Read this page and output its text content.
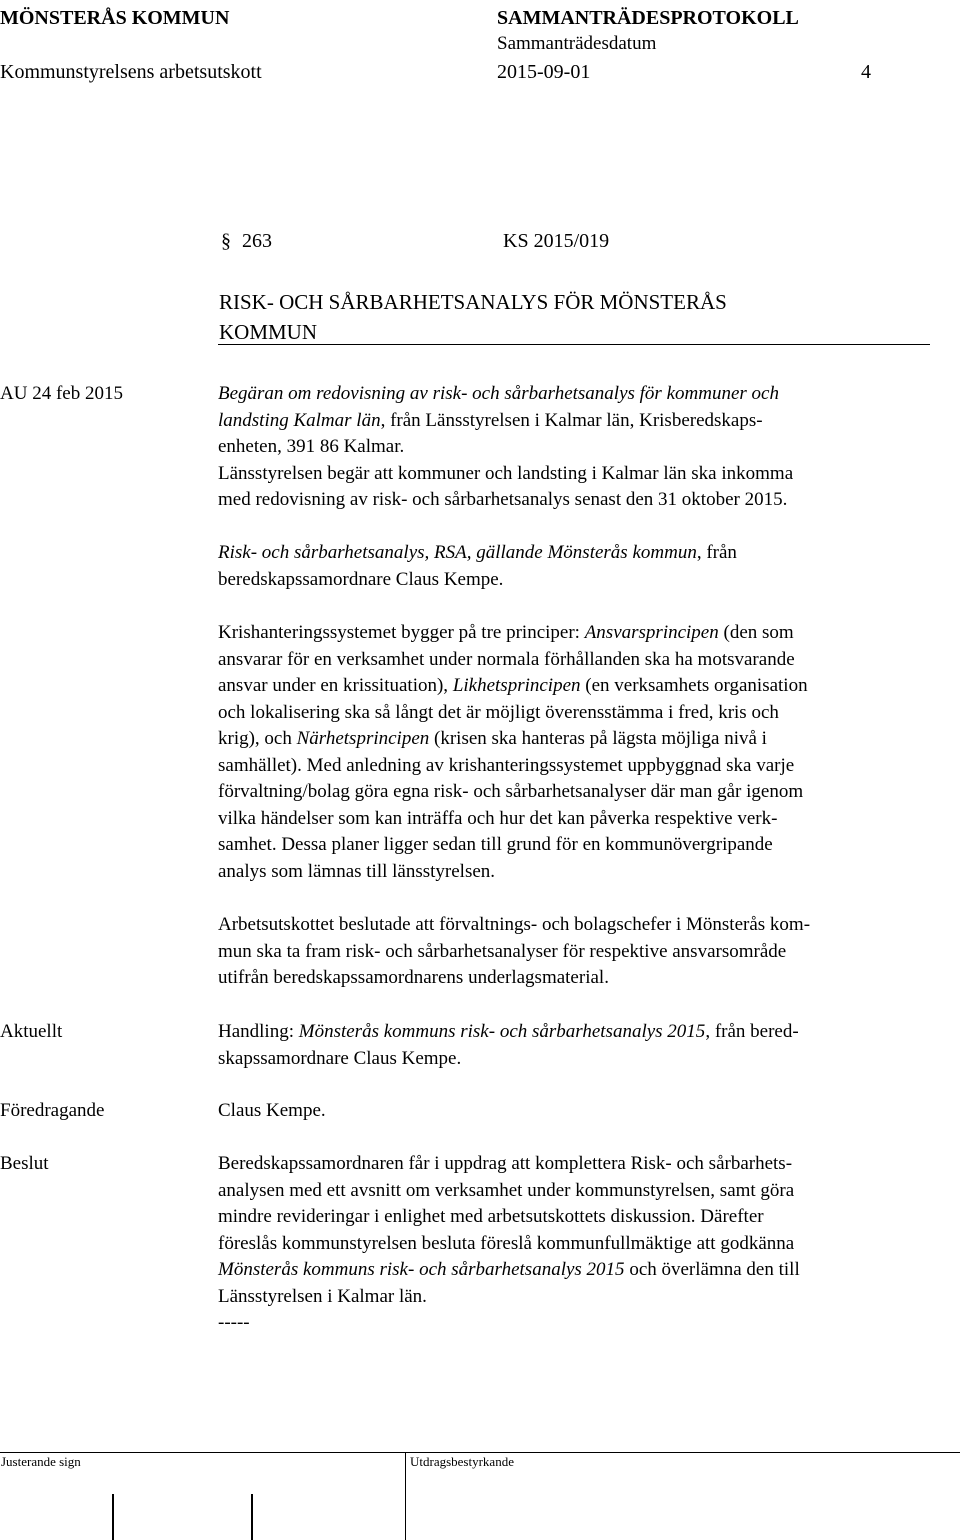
MÖNSTERÅS KOMMUN	SAMMANTRÄDESPROTOKOLL
Sammanträdesdatum
Kommunstyrelsens arbetsutskott	2015-09-01	4
§ 263	KS 2015/019
RISK- OCH SÅRBARHETSANALYS FÖR MÖNSTERÅS
KOMMUN
AU 24 feb 2015	Begäran om redovisning av risk- och sårbarhetsanalys för kommuner och
landsting Kalmar län, från Länsstyrelsen i Kalmar län, Krisberedskaps-
enheten, 391 86 Kalmar.
Länsstyrelsen begär att kommuner och landsting i Kalmar län ska inkomma
med redovisning av risk- och sårbarhetsanalys senast den 31 oktober 2015.
Risk- och sårbarhetsanalys, RSA, gällande Mönsterås kommun, från
beredskapssamordnare Claus Kempe.
Krishanteringssystemet bygger på tre principer: Ansvarsprincipen (den som
ansvarar för en verksamhet under normala förhållanden ska ha motsvarande
ansvar under en krissituation), Likhetsprincipen (en verksamhets organisation
och lokalisering ska så långt det är möjligt överensstämma i fred, kris och
krig), och Närhetsprincipen (krisen ska hanteras på lägsta möjliga nivå i
samhället). Med anledning av krishanteringssystemet uppbyggnad ska varje
förvaltning/bolag göra egna risk- och sårbarhetsanalyser där man går igenom
vilka händelser som kan inträffa och hur det kan påverka respektive verk-
samhet. Dessa planer ligger sedan till grund för en kommunövergripande
analys som lämnas till länsstyrelsen.
Arbetsutskottet beslutade att förvaltnings- och bolagschefer i Mönsterås kom-
mun ska ta fram risk- och sårbarhetsanalyser för respektive ansvarsområde
utifrån beredskapssamordnarens underlagsmaterial.
Aktuellt	Handling: Mönsterås kommuns risk- och sårbarhetsanalys 2015, från bered-
skapssamordnare Claus Kempe.
Föredragande	Claus Kempe.
Beslut	Beredskapssamordnaren får i uppdrag att komplettera Risk- och sårbarhets-
analysen med ett avsnitt om verksamhet under kommunstyrelsen, samt göra
mindre revideringar i enlighet med arbetsutskottets diskussion. Därefter
föreslås kommunstyrelsen besluta föreslå kommunfullmäktige att godkänna
Mönsterås kommuns risk- och sårbarhetsanalys 2015 och överlämna den till
Länsstyrelsen i Kalmar län.
-----
Justerande sign	Utdragsbestyrkande
